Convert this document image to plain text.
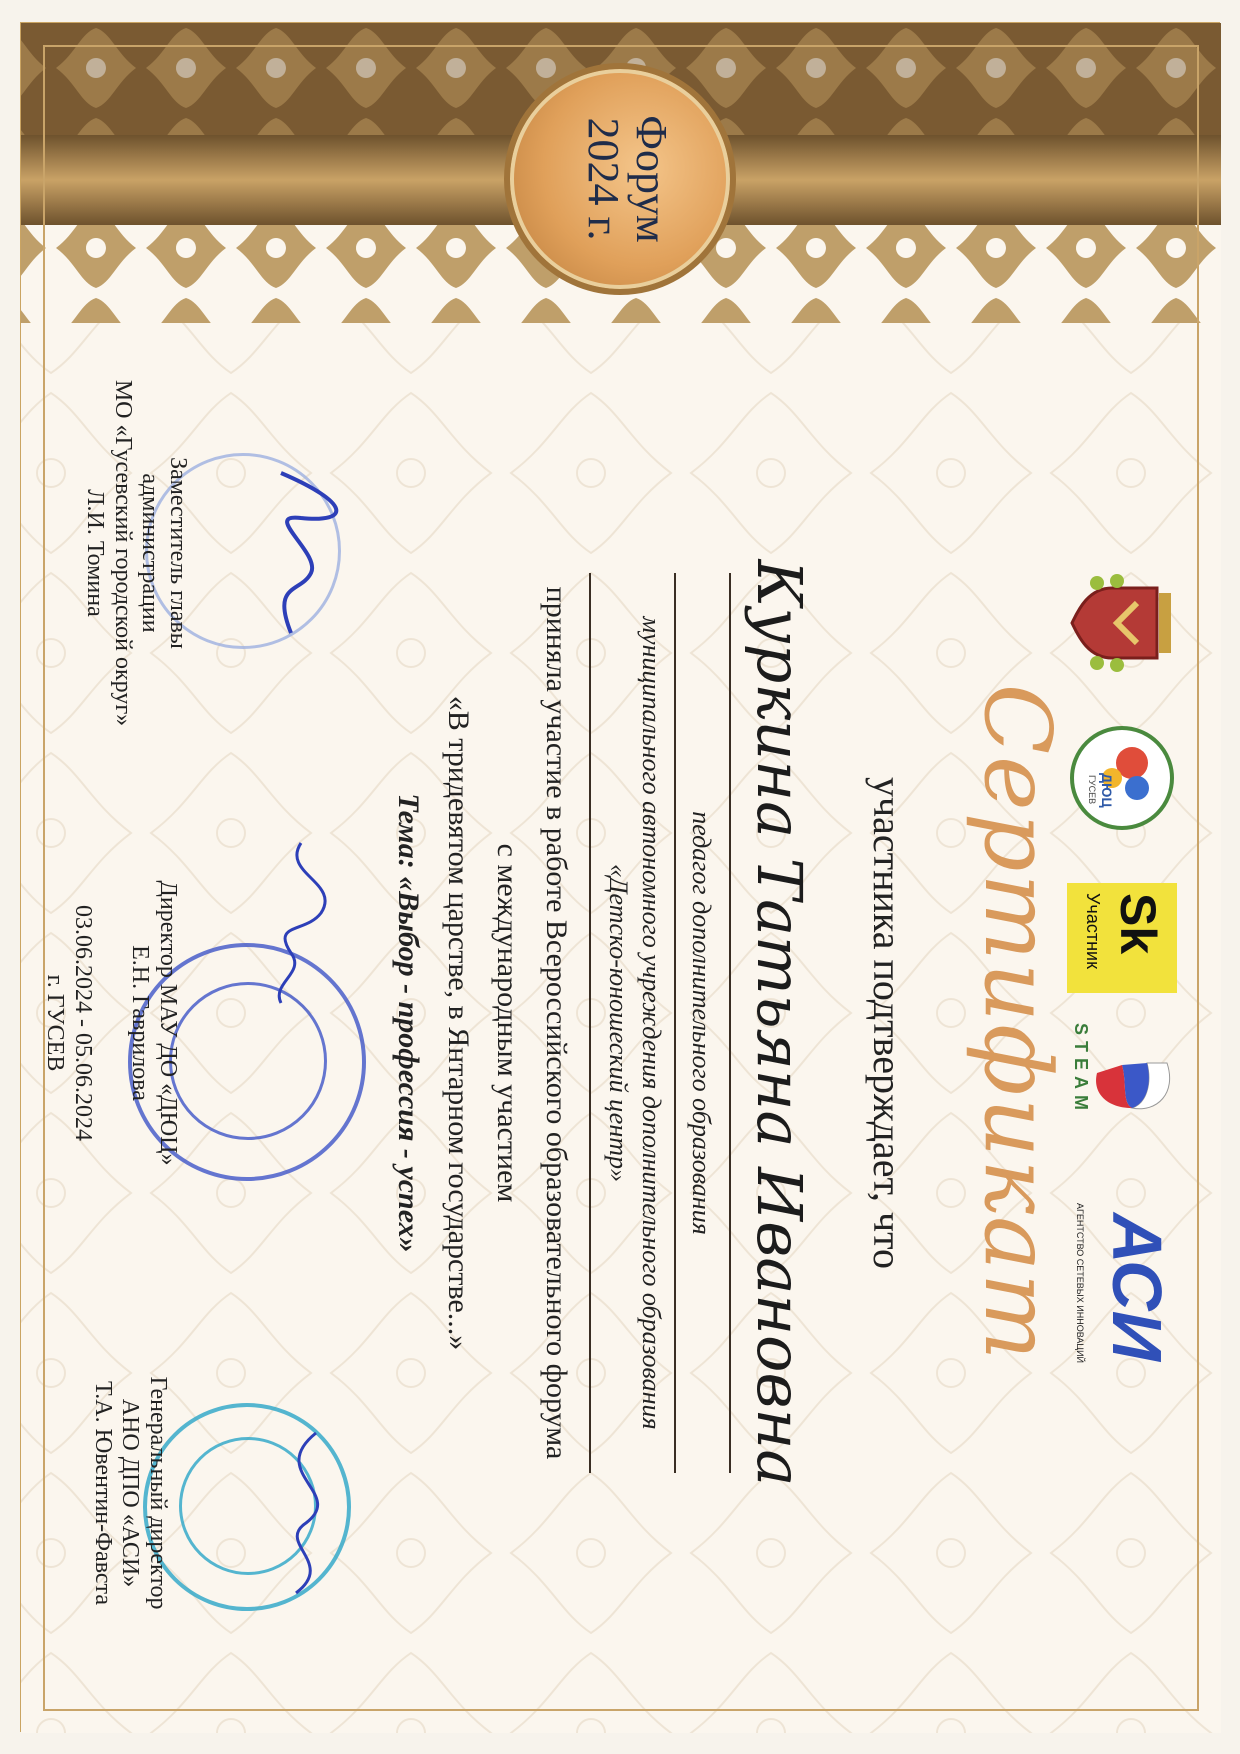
Форум
2024 г.
ДЮЦ
ГУСЕВ
Sk
Участник
STEAM
АСИ
АГЕНТСТВО СЕТЕВЫХ ИННОВАЦИЙ
Сертификат
участника подтверждает, что
Куркина Татьяна Ивановна
педагог дополнительного образования
муниципального автономного учреждения дополнительного образования
«Детско-юношеский центр»
приняла участие в работе Всероссийского образовательного форума
с международным участием
«В тридевятом царстве, в Янтарном государстве...»
Тема: «Выбор - профессия - успех»
Заместитель главы
администрации
МО «Гусевский городской округ»
Л.И. Томина
Директор МАУ ДО «ДЮЦ»
Е.Н. Гаврилова
03.06.2024 - 05.06.2024
г. ГУСЕВ
Генеральный директор
АНО ДПО «АСИ»
Т.А. Ювентин-Фавста
